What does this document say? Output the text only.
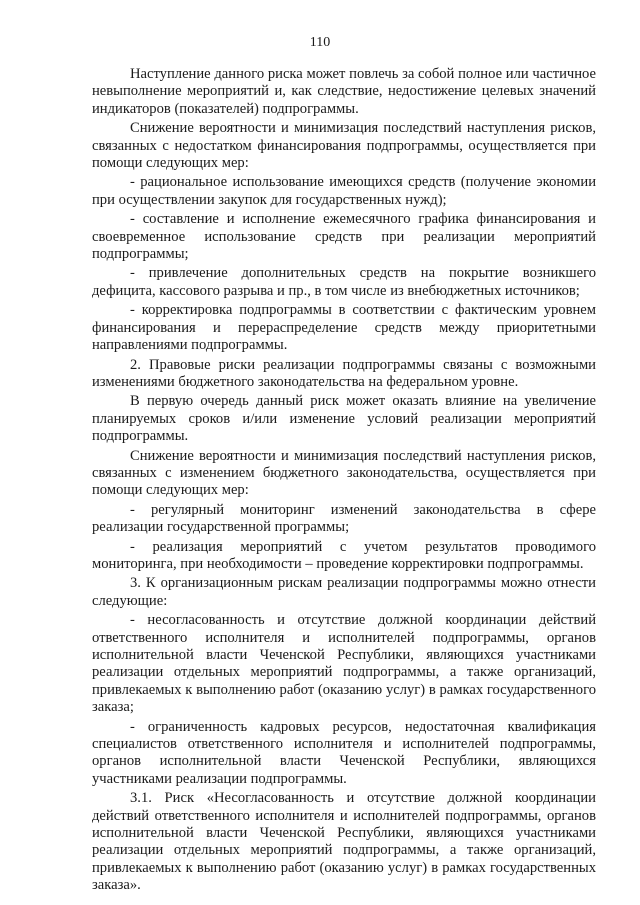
110

Наступление данного риска может повлечь за собой полное или частичное невыполнение мероприятий и, как следствие, недостижение целевых значений индикаторов (показателей) подпрограммы.

Снижение вероятности и минимизация последствий наступления рисков, связанных с недостатком финансирования подпрограммы, осуществляется при помощи следующих мер:

- рациональное использование имеющихся средств (получение экономии при осуществлении закупок для государственных нужд);

- составление и исполнение ежемесячного графика финансирования и своевременное использование средств при реализации мероприятий подпрограммы;

- привлечение дополнительных средств на покрытие возникшего дефицита, кассового разрыва и пр., в том числе из внебюджетных источников;

- корректировка подпрограммы в соответствии с фактическим уровнем финансирования и перераспределение средств между приоритетными направлениями подпрограммы.

2. Правовые риски реализации подпрограммы связаны с возможными изменениями бюджетного законодательства на федеральном уровне.

В первую очередь данный риск может оказать влияние на увеличение планируемых сроков и/или изменение условий реализации мероприятий подпрограммы.

Снижение вероятности и минимизация последствий наступления рисков, связанных с изменением бюджетного законодательства, осуществляется при помощи следующих мер:

- регулярный мониторинг изменений законодательства в сфере реализации государственной программы;

- реализация мероприятий с учетом результатов проводимого мониторинга, при необходимости – проведение корректировки подпрограммы.

3. К организационным рискам реализации подпрограммы можно отнести следующие:

- несогласованность и отсутствие должной координации действий ответственного исполнителя и исполнителей подпрограммы, органов исполнительной власти Чеченской Республики, являющихся участниками реализации отдельных мероприятий подпрограммы, а также организаций, привлекаемых к выполнению работ (оказанию услуг) в рамках государственного заказа;

- ограниченность кадровых ресурсов, недостаточная квалификация специалистов ответственного исполнителя и исполнителей подпрограммы, органов исполнительной власти Чеченской Республики, являющихся участниками реализации подпрограммы.

3.1. Риск «Несогласованность и отсутствие должной координации действий ответственного исполнителя и исполнителей подпрограммы, органов исполнительной власти Чеченской Республики, являющихся участниками реализации отдельных мероприятий подпрограммы, а также организаций, привлекаемых к выполнению работ (оказанию услуг) в рамках государственных заказа».
